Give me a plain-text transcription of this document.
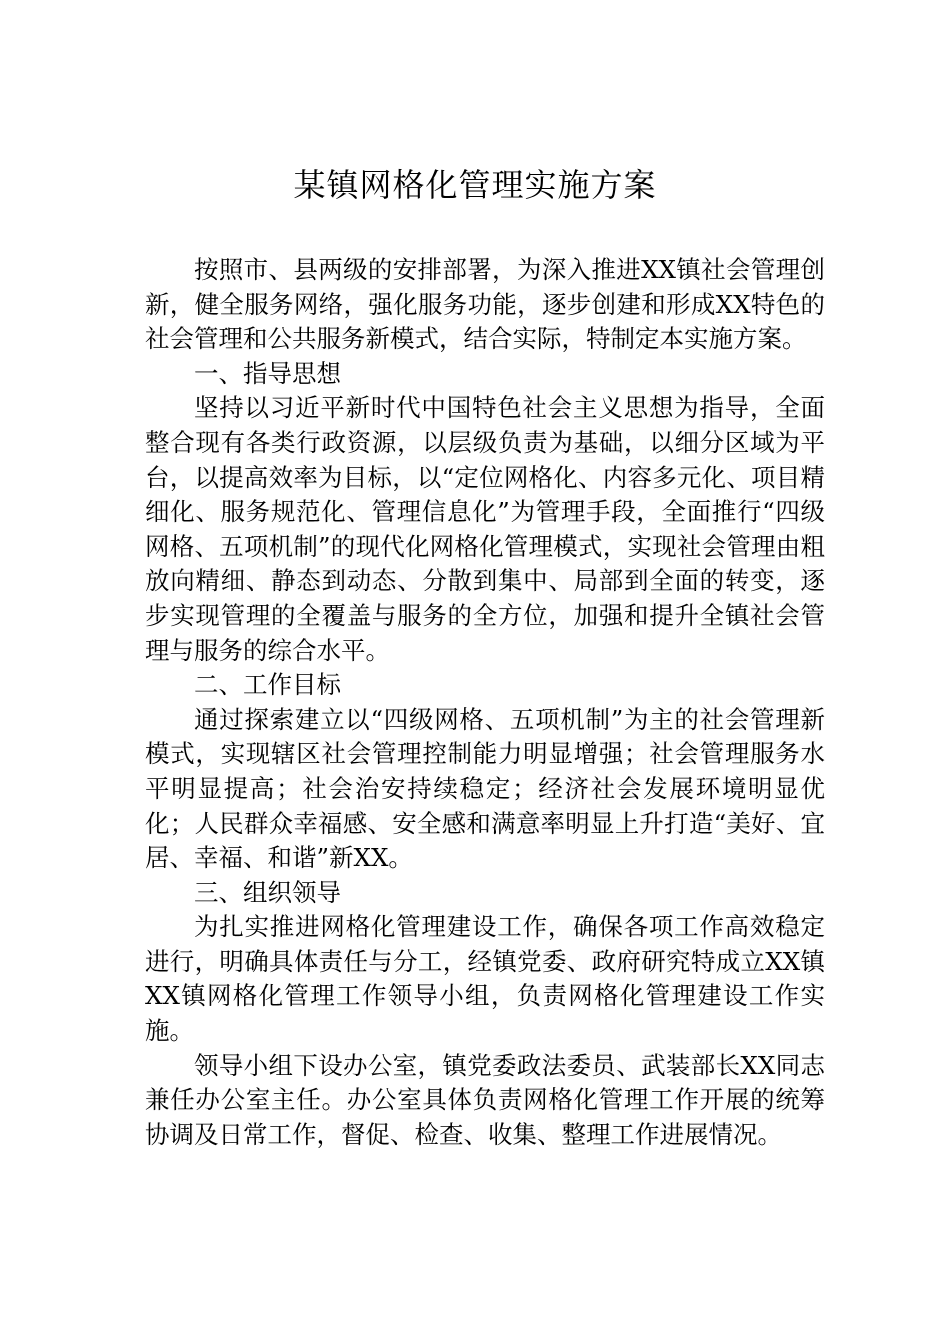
某镇网格化管理实施方案

按照市、县两级的安排部署，为深入推进XX镇社会管理创新，健全服务网络，强化服务功能，逐步创建和形成XX特色的社会管理和公共服务新模式，结合实际，特制定本实施方案。

一、指导思想

坚持以习近平新时代中国特色社会主义思想为指导，全面整合现有各类行政资源，以层级负责为基础，以细分区域为平台，以提高效率为目标，以“定位网格化、内容多元化、项目精细化、服务规范化、管理信息化”为管理手段，全面推行“四级网格、五项机制”的现代化网格化管理模式，实现社会管理由粗放向精细、静态到动态、分散到集中、局部到全面的转变，逐步实现管理的全覆盖与服务的全方位，加强和提升全镇社会管理与服务的综合水平。

二、工作目标

通过探索建立以“四级网格、五项机制”为主的社会管理新模式，实现辖区社会管理控制能力明显增强；社会管理服务水平明显提高；社会治安持续稳定；经济社会发展环境明显优化；人民群众幸福感、安全感和满意率明显上升打造“美好、宜居、幸福、和谐”新XX。

三、组织领导

为扎实推进网格化管理建设工作，确保各项工作高效稳定进行，明确具体责任与分工，经镇党委、政府研究特成立XX镇XX镇网格化管理工作领导小组，负责网格化管理建设工作实施。

领导小组下设办公室，镇党委政法委员、武装部长XX同志兼任办公室主任。办公室具体负责网格化管理工作开展的统筹协调及日常工作，督促、检查、收集、整理工作进展情况。
